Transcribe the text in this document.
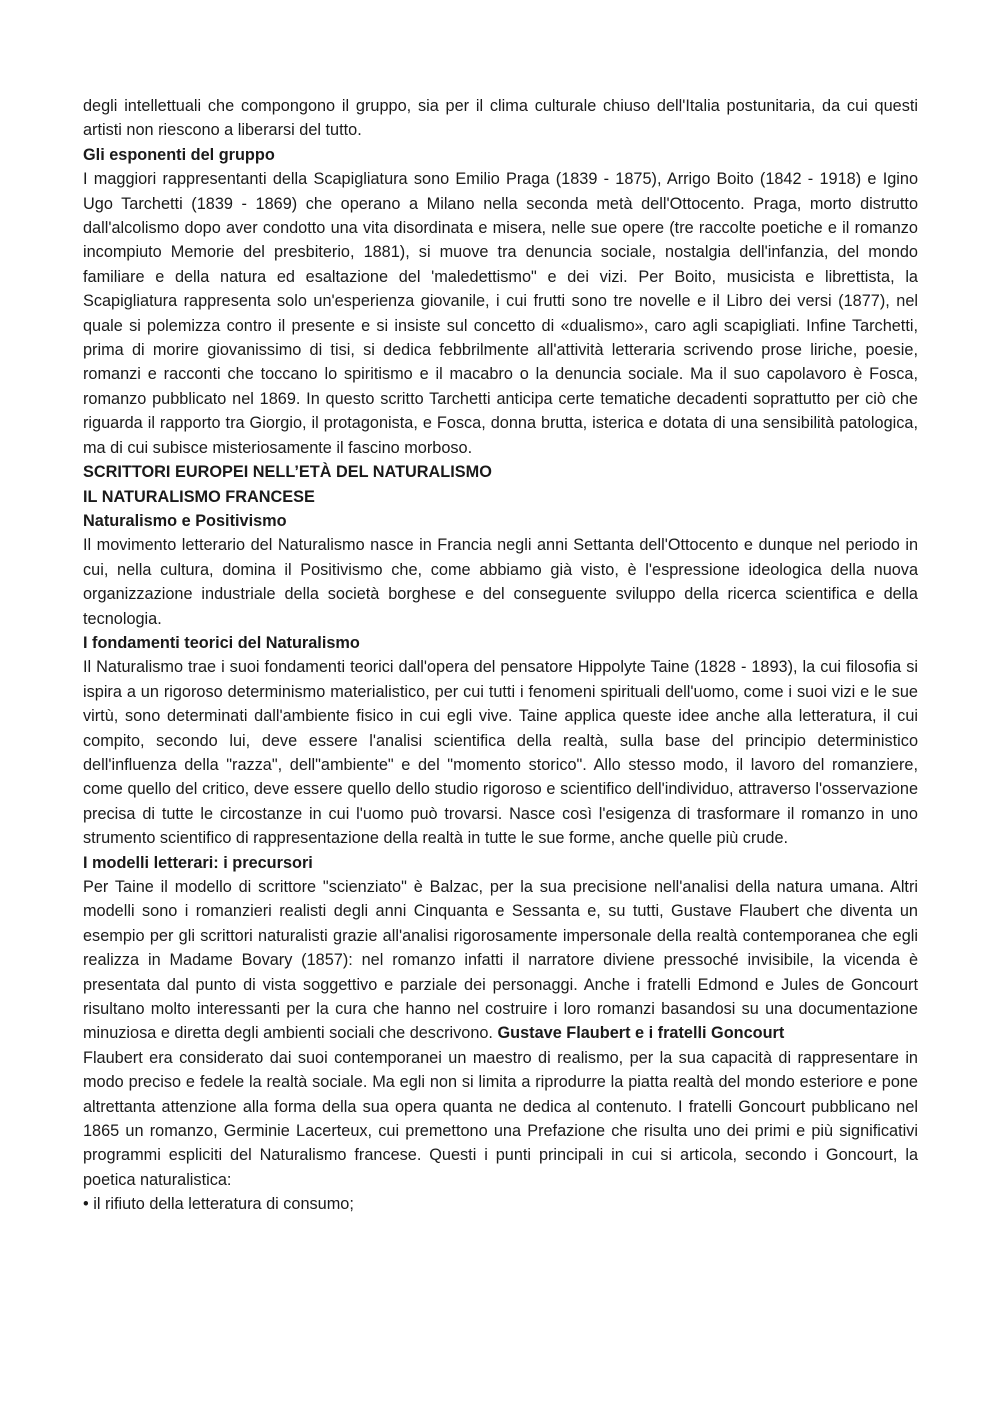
degli intellettuali che compongono il gruppo, sia per il clima culturale chiuso dell'Italia postunitaria, da cui questi artisti non riescono a liberarsi del tutto.

Gli esponenti del gruppo

I maggiori rappresentanti della Scapigliatura sono Emilio Praga (1839 - 1875), Arrigo Boito (1842 - 1918) e Igino Ugo Tarchetti (1839 - 1869) che operano a Milano nella seconda metà dell'Ottocento. Praga, morto distrutto dall'alcolismo dopo aver condotto una vita disordinata e misera, nelle sue opere (tre raccolte poetiche e il romanzo incompiuto Memorie del presbiterio, 1881), si muove tra denuncia sociale, nostalgia dell'infanzia, del mondo familiare e della natura ed esaltazione del 'maledettismo" e dei vizi. Per Boito, musicista e librettista, la Scapigliatura rappresenta solo un'esperienza giovanile, i cui frutti sono tre novelle e il Libro dei versi (1877), nel quale si polemizza contro il presente e si insiste sul concetto di «dualismo», caro agli scapigliati. Infine Tarchetti, prima di morire giovanissimo di tisi, si dedica febbrilmente all'attività letteraria scrivendo prose liriche, poesie, romanzi e racconti che toccano lo spiritismo e il macabro o la denuncia sociale. Ma il suo capolavoro è Fosca, romanzo pubblicato nel 1869. In questo scritto Tarchetti anticipa certe tematiche decadenti soprattutto per ciò che riguarda il rapporto tra Giorgio, il protagonista, e Fosca, donna brutta, isterica e dotata di una sensibilità patologica, ma di cui subisce misteriosamente il fascino morboso.

SCRITTORI EUROPEI NELL’ETÀ DEL NATURALISMO

IL NATURALISMO FRANCESE

Naturalismo e Positivismo

Il movimento letterario del Naturalismo nasce in Francia negli anni Settanta dell'Ottocento e dunque nel periodo in cui, nella cultura, domina il Positivismo che, come abbiamo già visto, è l'espressione ideologica della nuova organizzazione industriale della società borghese e del conseguente sviluppo della ricerca scientifica e della tecnologia.

I fondamenti teorici del Naturalismo

Il Naturalismo trae i suoi fondamenti teorici dall'opera del pensatore Hippolyte Taine (1828 - 1893), la cui filosofia si ispira a un rigoroso determinismo materialistico, per cui tutti i fenomeni spirituali dell'uomo, come i suoi vizi e le sue virtù, sono determinati dall'ambiente fisico in cui egli vive. Taine applica queste idee anche alla letteratura, il cui compito, secondo lui, deve essere l'analisi scientifica della realtà, sulla base del principio deterministico dell'influenza della "razza", dell"ambiente" e del "momento storico". Allo stesso modo, il lavoro del romanziere, come quello del critico, deve essere quello dello studio rigoroso e scientifico dell'individuo, attraverso l'osservazione precisa di tutte le circostanze in cui l'uomo può trovarsi. Nasce così l'esigenza di trasformare il romanzo in uno strumento scientifico di rappresentazione della realtà in tutte le sue forme, anche quelle più crude.

I modelli letterari: i precursori

Per Taine il modello di scrittore "scienziato" è Balzac, per la sua precisione nell'analisi della natura umana. Altri modelli sono i romanzieri realisti degli anni Cinquanta e Sessanta e, su tutti, Gustave Flaubert che diventa un esempio per gli scrittori naturalisti grazie all'analisi rigorosamente impersonale della realtà contemporanea che egli realizza in Madame Bovary (1857): nel romanzo infatti il narratore diviene pressoché invisibile, la vicenda è presentata dal punto di vista soggettivo e parziale dei personaggi. Anche i fratelli Edmond e Jules de Goncourt risultano molto interessanti per la cura che hanno nel costruire i loro romanzi basandosi su una documentazione minuziosa e diretta degli ambienti sociali che descrivono. Gustave Flaubert e i fratelli Goncourt

Flaubert era considerato dai suoi contemporanei un maestro di realismo, per la sua capacità di rappresentare in modo preciso e fedele la realtà sociale. Ma egli non si limita a riprodurre la piatta realtà del mondo esteriore e pone altrettanta attenzione alla forma della sua opera quanta ne dedica al contenuto. I fratelli Goncourt pubblicano nel 1865 un romanzo, Germinie Lacerteux, cui premettono una Prefazione che risulta uno dei primi e più significativi programmi espliciti del Naturalismo francese. Questi i punti principali in cui si articola, secondo i Goncourt, la poetica naturalistica:

• il rifiuto della letteratura di consumo;
